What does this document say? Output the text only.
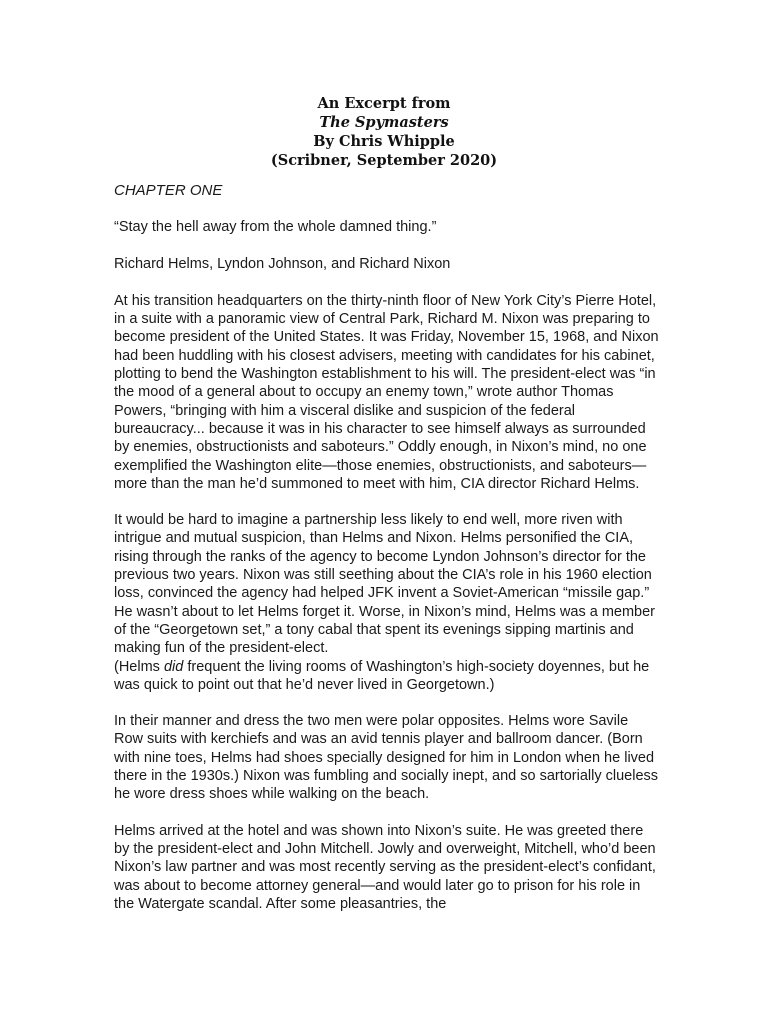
An Excerpt from
The Spymasters
By Chris Whipple
(Scribner, September 2020)

CHAPTER ONE

“Stay the hell away from the whole damned thing.”

Richard Helms, Lyndon Johnson, and Richard Nixon

At his transition headquarters on the thirty-ninth floor of New York City’s Pierre Hotel, in a suite with a panoramic view of Central Park, Richard M. Nixon was preparing to become president of the United States. It was Friday, November 15, 1968, and Nixon had been huddling with his closest advisers, meeting with candidates for his cabinet, plotting to bend the Washington establishment to his will. The president-elect was “in the mood of a general about to occupy an enemy town,” wrote author Thomas Powers, “bringing with him a visceral dislike and suspicion of the federal bureaucracy... because it was in his character to see himself always as surrounded by enemies, obstructionists and saboteurs.” Oddly enough, in Nixon’s mind, no one exemplified the Washington elite—those enemies, obstructionists, and saboteurs—more than the man he’d summoned to meet with him, CIA director Richard Helms.

It would be hard to imagine a partnership less likely to end well, more riven with intrigue and mutual suspicion, than Helms and Nixon. Helms personified the CIA, rising through the ranks of the agency to become Lyndon Johnson’s director for the previous two years. Nixon was still seething about the CIA’s role in his 1960 election loss, convinced the agency had helped JFK invent a Soviet-American “missile gap.” He wasn’t about to let Helms forget it. Worse, in Nixon’s mind, Helms was a member of the “Georgetown set,” a tony cabal that spent its evenings sipping martinis and making fun of the president-elect.

(Helms did frequent the living rooms of Washington’s high-society doyennes, but he was quick to point out that he’d never lived in Georgetown.)

In their manner and dress the two men were polar opposites. Helms wore Savile Row suits with kerchiefs and was an avid tennis player and ballroom dancer. (Born with nine toes, Helms had shoes specially designed for him in London when he lived there in the 1930s.) Nixon was fumbling and socially inept, and so sartorially clueless he wore dress shoes while walking on the beach.

Helms arrived at the hotel and was shown into Nixon’s suite. He was greeted there by the president-elect and John Mitchell. Jowly and overweight, Mitchell, who’d been Nixon’s law partner and was most recently serving as the president-elect’s confidant, was about to become attorney general—and would later go to prison for his role in the Watergate scandal. After some pleasantries, the
